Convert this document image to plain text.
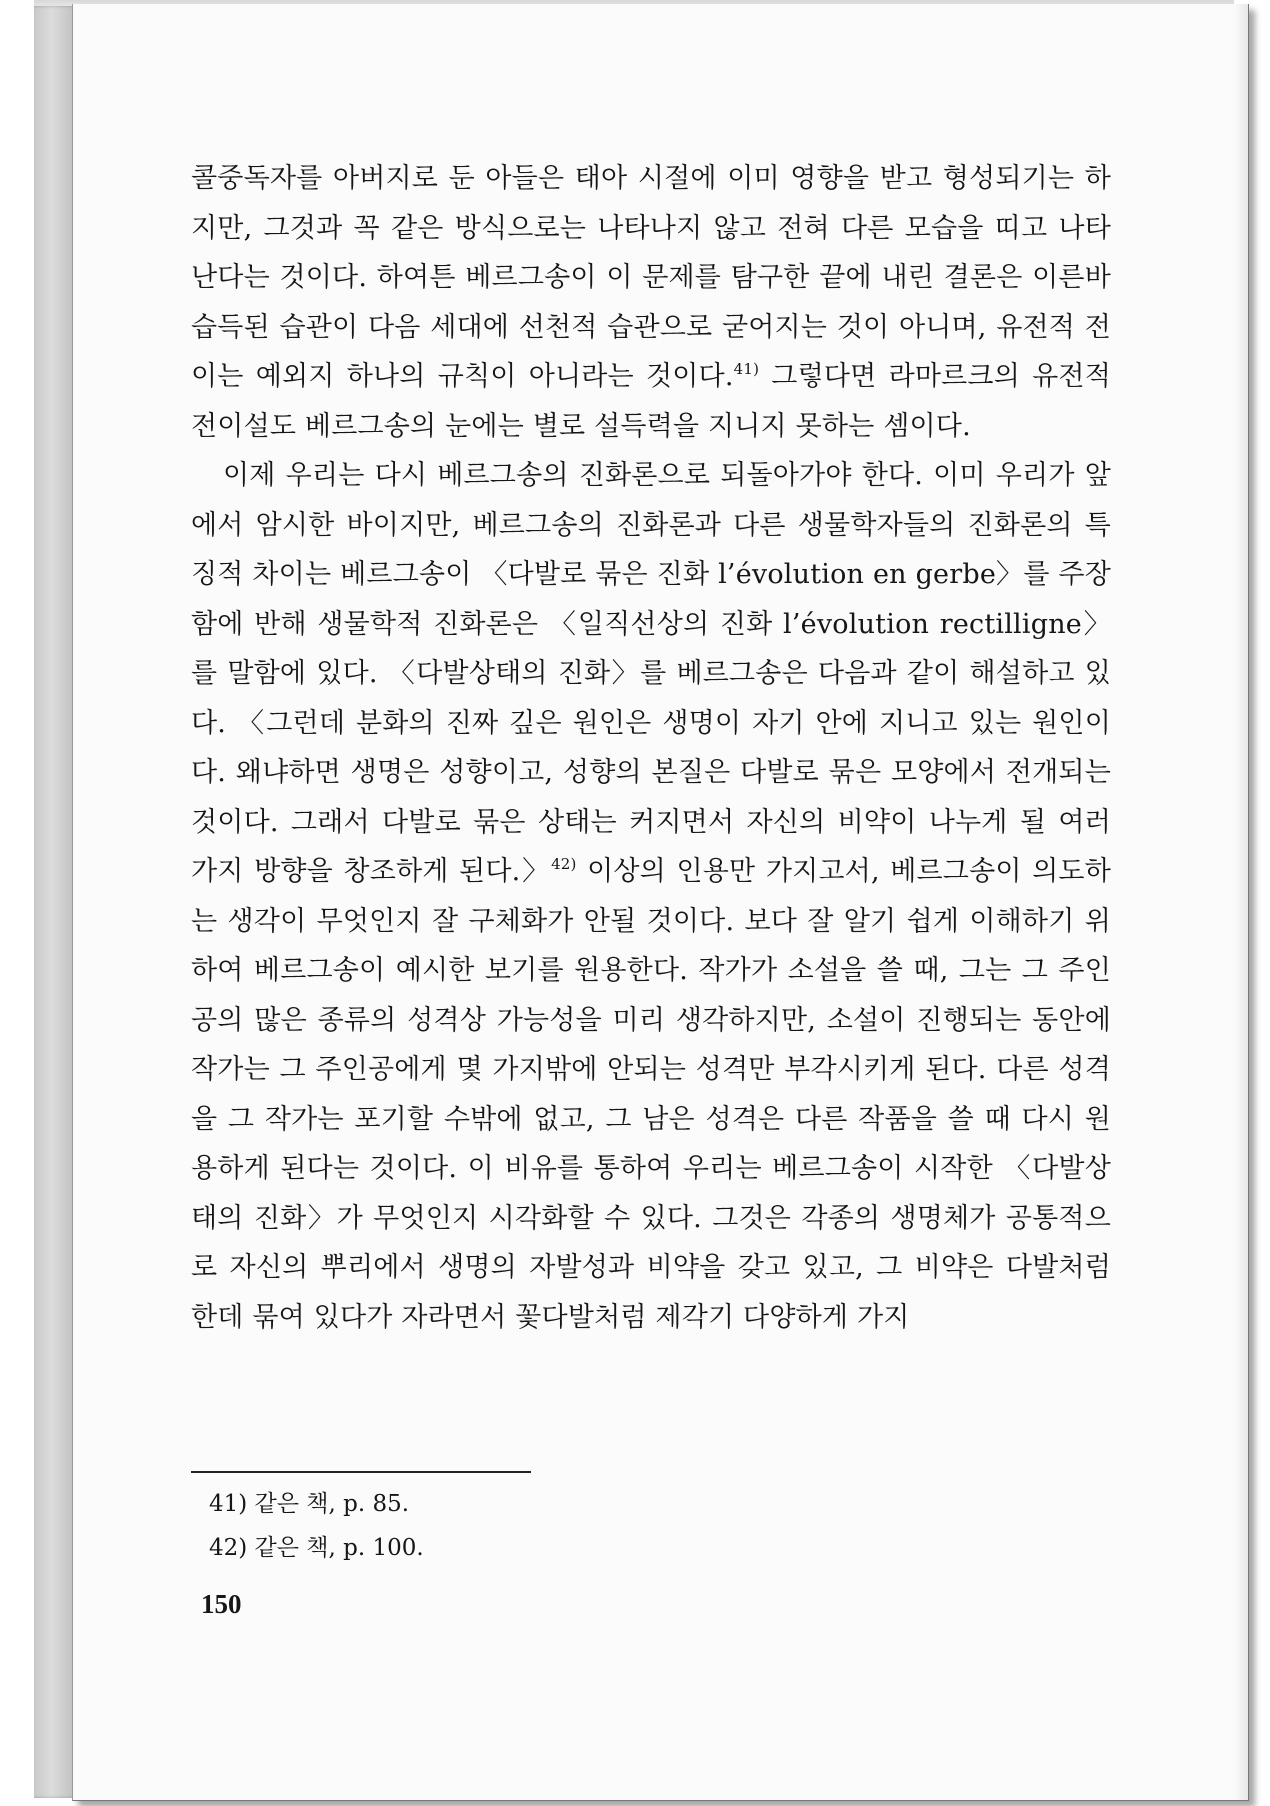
콜중독자를 아버지로 둔 아들은 태아 시절에 이미 영향을 받고 형성되기는 하지만, 그것과 꼭 같은 방식으로는 나타나지 않고 전혀 다른 모습을 띠고 나타난다는 것이다. 하여튼 베르그송이 이 문제를 탐구한 끝에 내린 결론은 이른바 습득된 습관이 다음 세대에 선천적 습관으로 굳어지는 것이 아니며, 유전적 전이는 예외지 하나의 규칙이 아니라는 것이다.$^{41)}$ 그렇다면 라마르크의 유전적 전이설도 베르그송의 눈에는 별로 설득력을 지니지 못하는 셈이다.

이제 우리는 다시 베르그송의 진화론으로 되돌아가야 한다. 이미 우리가 앞에서 암시한 바이지만, 베르그송의 진화론과 다른 생물학자들의 진화론의 특징적 차이는 베르그송이 〈다발로 묶은 진화 l’évolution en gerbe〉를 주장함에 반해 생물학적 진화론은 〈일직선상의 진화 l’évolution rectilligne〉를 말함에 있다. 〈다발상태의 진화〉를 베르그송은 다음과 같이 해설하고 있다. 〈그런데 분화의 진짜 깊은 원인은 생명이 자기 안에 지니고 있는 원인이다. 왜냐하면 생명은 성향이고, 성향의 본질은 다발로 묶은 모양에서 전개되는 것이다. 그래서 다발로 묶은 상태는 커지면서 자신의 비약이 나누게 될 여러 가지 방향을 창조하게 된다.〉$^{42)}$ 이상의 인용만 가지고서, 베르그송이 의도하는 생각이 무엇인지 잘 구체화가 안될 것이다. 보다 잘 알기 쉽게 이해하기 위하여 베르그송이 예시한 보기를 원용한다. 작가가 소설을 쓸 때, 그는 그 주인공의 많은 종류의 성격상 가능성을 미리 생각하지만, 소설이 진행되는 동안에 작가는 그 주인공에게 몇 가지밖에 안되는 성격만 부각시키게 된다. 다른 성격을 그 작가는 포기할 수밖에 없고, 그 남은 성격은 다른 작품을 쓸 때 다시 원용하게 된다는 것이다. 이 비유를 통하여 우리는 베르그송이 시작한 〈다발상태의 진화〉가 무엇인지 시각화할 수 있다. 그것은 각종의 생명체가 공통적으로 자신의 뿌리에서 생명의 자발성과 비약을 갖고 있고, 그 비약은 다발처럼 한데 묶여 있다가 자라면서 꽃다발처럼 제각기 다양하게 가지

41) 같은 책, p. 85.
42) 같은 책, p. 100.
150
